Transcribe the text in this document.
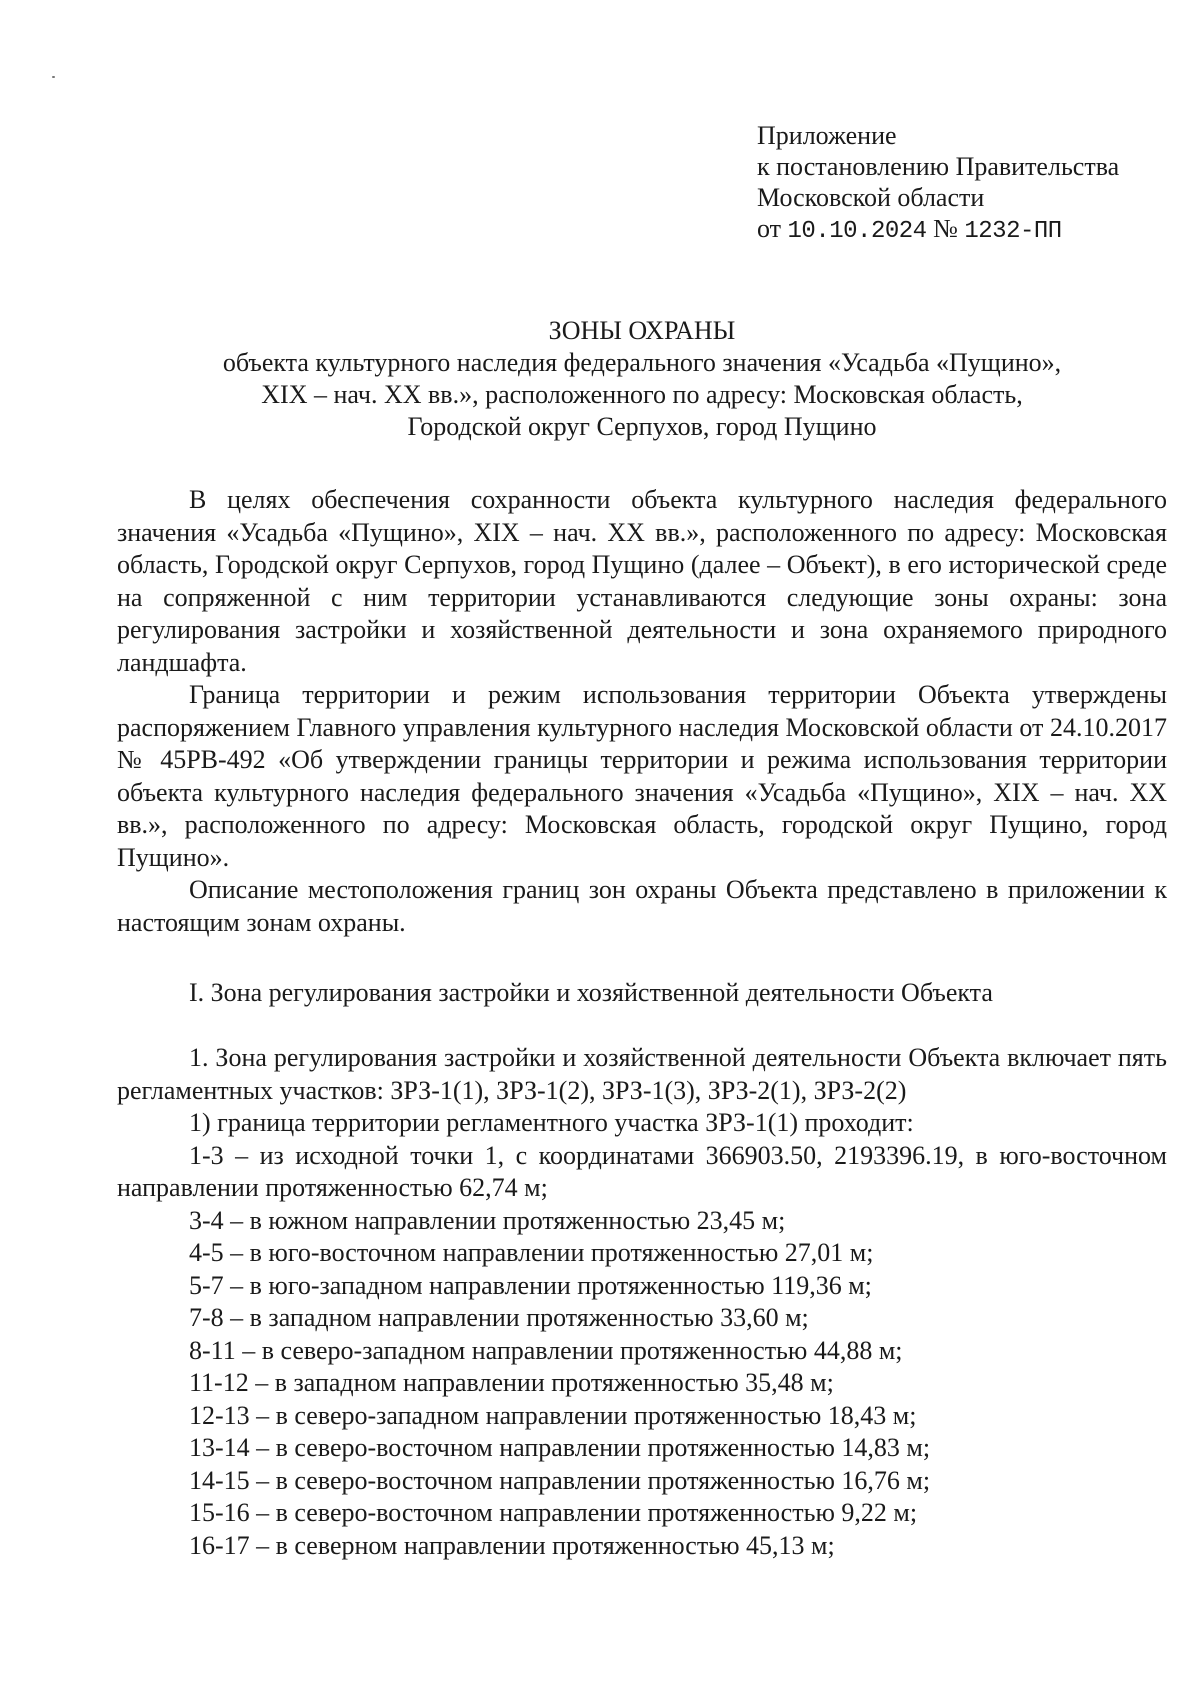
Приложение
к постановлению Правительства
Московской области
от 10.10.2024 № 1232-ПП
ЗОНЫ ОХРАНЫ
объекта культурного наследия федерального значения «Усадьба «Пущино»,
XIX – нач. XX вв.», расположенного по адресу: Московская область,
Городской округ Серпухов, город Пущино

В целях обеспечения сохранности объекта культурного наследия федерального значения «Усадьба «Пущино», XIX – нач. XX вв.», расположенного по адресу: Московская область, Городской округ Серпухов, город Пущино (далее – Объект), в его исторической среде на сопряженной с ним территории устанавливаются следующие зоны охраны: зона регулирования застройки и хозяйственной деятельности и зона охраняемого природного ландшафта.

Граница территории и режим использования территории Объекта утверждены распоряжением Главного управления культурного наследия Московской области от 24.10.2017 № 45РВ-492 «Об утверждении границы территории и режима использования территории объекта культурного наследия федерального значения «Усадьба «Пущино», XIX – нач. XX вв.», расположенного по адресу: Московская область, городской округ Пущино, город Пущино».

Описание местоположения границ зон охраны Объекта представлено в приложении к настоящим зонам охраны.

I. Зона регулирования застройки и хозяйственной деятельности Объекта

1. Зона регулирования застройки и хозяйственной деятельности Объекта включает пять регламентных участков: ЗРЗ-1(1), ЗРЗ-1(2), ЗРЗ-1(3), ЗРЗ-2(1), ЗРЗ-2(2)

1) граница территории регламентного участка ЗРЗ-1(1) проходит:

1-3 – из исходной точки 1, с координатами 366903.50, 2193396.19, в юго-восточном направлении протяженностью 62,74 м;

3-4 – в южном направлении протяженностью 23,45 м;

4-5 – в юго-восточном направлении протяженностью 27,01 м;

5-7 – в юго-западном направлении протяженностью 119,36 м;

7-8 – в западном направлении протяженностью 33,60 м;

8-11 – в северо-западном направлении протяженностью 44,88 м;

11-12 – в западном направлении протяженностью 35,48 м;

12-13 – в северо-западном направлении протяженностью 18,43 м;

13-14 – в северо-восточном направлении протяженностью 14,83 м;

14-15 – в северо-восточном направлении протяженностью 16,76 м;

15-16 – в северо-восточном направлении протяженностью 9,22 м;

16-17 – в северном направлении протяженностью 45,13 м;
